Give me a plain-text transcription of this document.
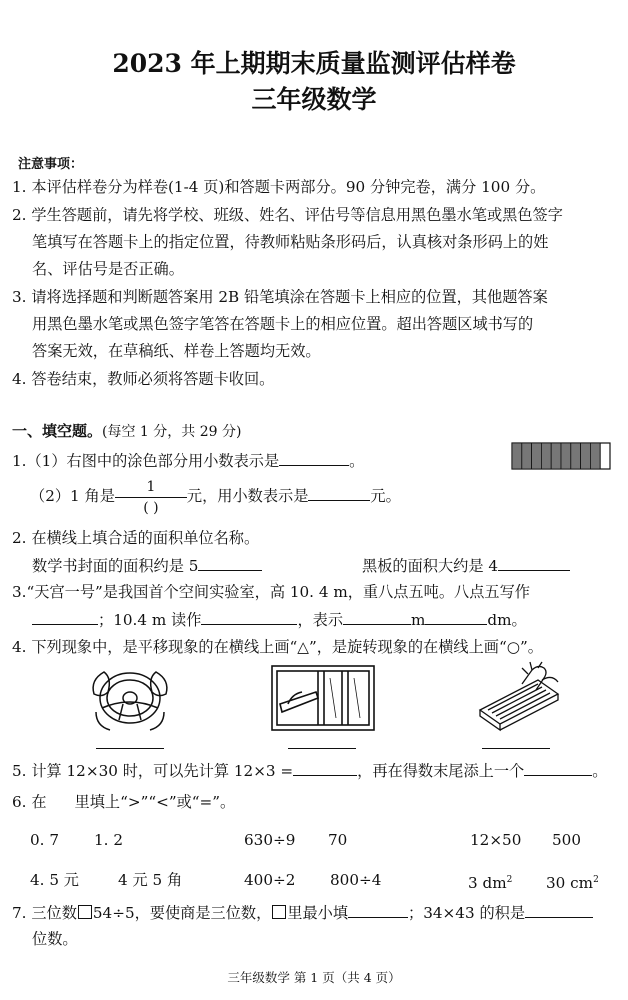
2023 年上期期末质量监测评估样卷
三年级数学
注意事项：
1. 本评估样卷分为样卷(1-4 页)和答题卡两部分。90 分钟完卷，满分 100 分。
2. 学生答题前，请先将学校、班级、姓名、评估号等信息用黑色墨水笔或黑色签字
笔填写在答题卡上的指定位置，待教师粘贴条形码后，认真核对条形码上的姓
名、评估号是否正确。
3. 请将选择题和判断题答案用 2B 铅笔填涂在答题卡上相应的位置，其他题答案
用黑色墨水笔或黑色签字笔答在答题卡上的相应位置。超出答题区域书写的
答案无效，在草稿纸、样卷上答题均无效。
4. 答卷结束，教师必须将答题卡收回。
一、填空题。(每空 1 分，共 29 分)
1.（1）右图中的涂色部分用小数表示是	。
（2）1 角是 $\frac{1}{( )}$ 元，用小数表示是	元。
2. 在横线上填合适的面积单位名称。
数学书封面的面积约是 5	黑板的面积大约是 4
3.“天宫一号”是我国首个空间实验室，高 10. 4 m，重八点五吨。八点五写作
；10.4 m 读作	，表示	m	dm。
4. 下列现象中，是平移现象的在横线上画“△”，是旋转现象的在横线上画“○”。
5. 计算 12×30 时，可以先计算 12×3 =	，再在得数末尾添上一个	。
6. 在 里填上“>”“<”或“=”。
0. 7 1. 2	630÷9 70	12×50 500
4. 5 元	4 元 5 角	400÷2 800÷4	3 $dm^2$ 30 $cm^2$
7. 三位数 54÷5，要使商是三位数， 里最小填	；34×43 的积是
位数。
三年级数学 第 1 页（共 4 页）
